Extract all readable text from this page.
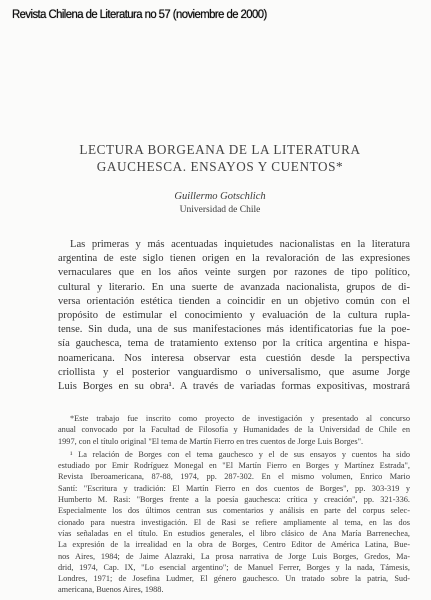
Revista Chilena de Literatura no 57 (noviembre de 2000)
LECTURA BORGEANA DE LA LITERATURA
GAUCHESCA. ENSAYOS Y CUENTOS*
Guillermo Gotschlich
Universidad de Chile
Las primeras y más acentuadas inquietudes nacionalistas en la literatura
argentina de este siglo tienen origen en la revaloración de las expresiones
vernaculares que en los años veinte surgen por razones de tipo político,
cultural y literario. En una suerte de avanzada nacionalista, grupos de di-
versa orientación estética tienden a coincidir en un objetivo común con el
propósito de estimular el conocimiento y evaluación de la cultura rupla-
tense. Sin duda, una de sus manifestaciones más identificatorias fue la poe-
sía gauchesca, tema de tratamiento extenso por la crítica argentina e hispa-
noamericana. Nos interesa observar esta cuestión desde la perspectiva
criollista y el posterior vanguardismo o universalismo, que asume Jorge
Luis Borges en su obra¹. A través de variadas formas expositivas, mostrará
*Este trabajo fue inscrito como proyecto de investigación y presentado al concurso
anual convocado por la Facultad de Filosofía y Humanidades de la Universidad de Chile en
1997, con el título original "El tema de Martín Fierro en tres cuentos de Jorge Luis Borges".
¹ La relación de Borges con el tema gauchesco y el de sus ensayos y cuentos ha sido
estudiado por Emir Rodríguez Monegal en "El Martín Fierro en Borges y Martínez Estrada",
Revista Iberoamericana, 87-88, 1974, pp. 287-302. En el mismo volumen, Enrico Mario
Santí: "Escritura y tradición: El Martín Fierro en dos cuentos de Borges", pp. 303-319 y
Humberto M. Rasi: "Borges frente a la poesía gauchesca: crítica y creación", pp. 321-336.
Especialmente los dos últimos centran sus comentarios y análisis en parte del corpus selec-
cionado para nuestra investigación. El de Rasi se refiere ampliamente al tema, en las dos
vías señaladas en el título. En estudios generales, el libro clásico de Ana María Barrenechea,
La expresión de la irrealidad en la obra de Borges, Centro Editor de América Latina, Bue-
nos Aires, 1984; de Jaime Alazraki, La prosa narrativa de Jorge Luis Borges, Gredos, Ma-
drid, 1974, Cap. IX, "Lo esencial argentino"; de Manuel Ferrer, Borges y la nada, Támesis,
Londres, 1971; de Josefina Ludmer, El género gauchesco. Un tratado sobre la patria, Sud-
americana, Buenos Aires, 1988.
